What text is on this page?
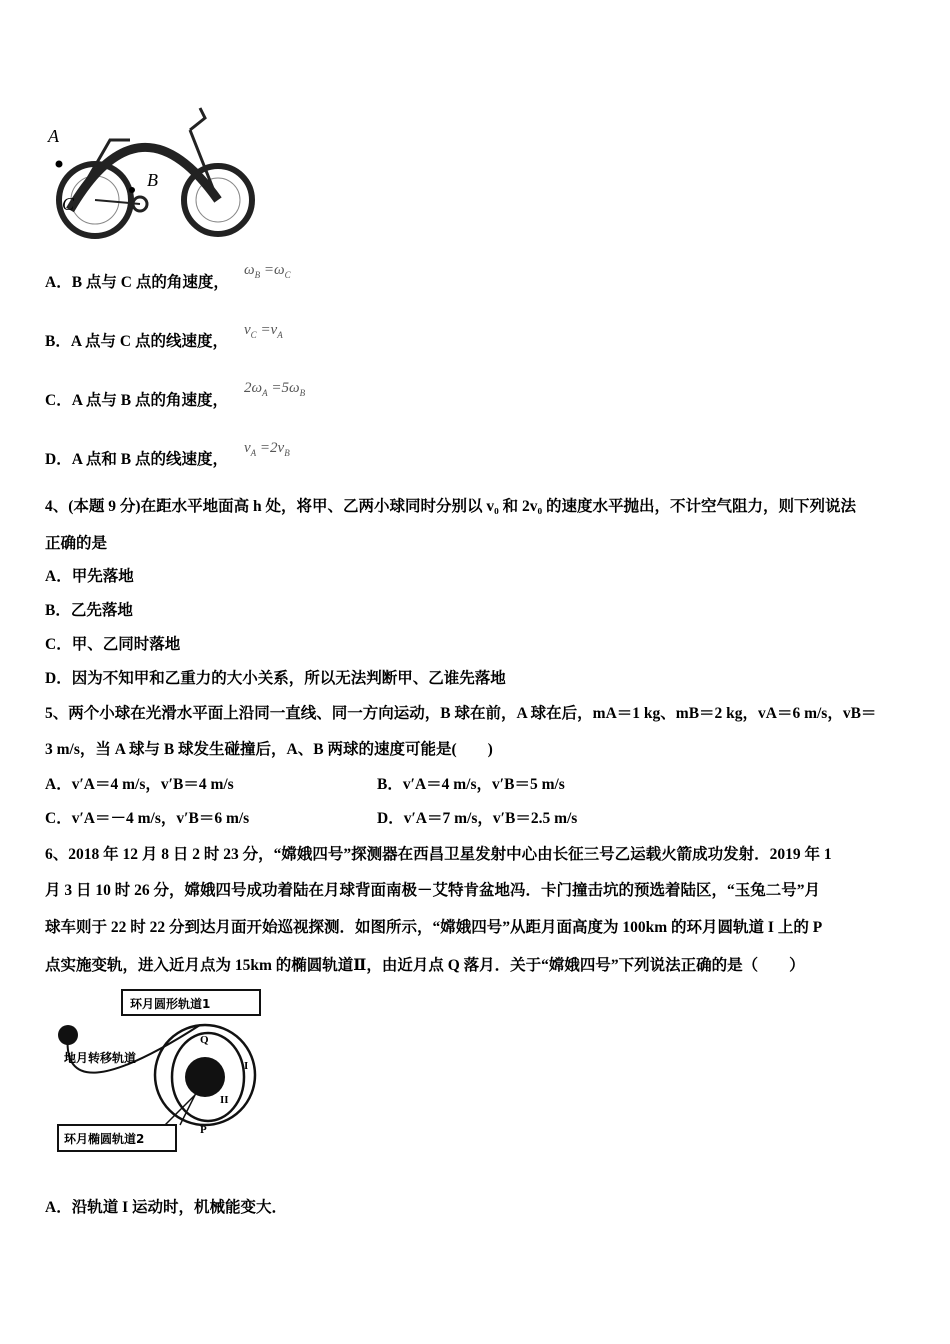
A
B
C
A．B 点与 C 点的角速度，
$\omega_B =\omega_C$
B．A 点与 C 点的线速度，
$v_C =v_A$
C．A 点与 B 点的角速度，
$2\omega_A =5\omega_B$
D．A 点和 B 点的线速度，
$v_A =2v_B$
4、(本题 9 分)在距水平地面高 h 处，将甲、乙两小球同时分别以 v₀ 和 2v₀ 的速度水平抛出，不计空气阻力，则下列说法
正确的是
A．甲先落地
B．乙先落地
C．甲、乙同时落地
D．因为不知甲和乙重力的大小关系，所以无法判断甲、乙谁先落地
5、两个小球在光滑水平面上沿同一直线、同一方向运动，B 球在前，A 球在后，mA＝1 kg、mB＝2 kg，vA＝6 m/s，vB＝
3 m/s，当 A 球与 B 球发生碰撞后，A、B 两球的速度可能是(　　)
A．v′A＝4 m/s，v′B＝4 m/s	B．v′A＝4 m/s，v′B＝5 m/s
C．v′A＝－4 m/s，v′B＝6 m/s	D．v′A＝7 m/s，v′B＝2.5 m/s
6、2018 年 12 月 8 日 2 时 23 分，“嫦娥四号”探测器在西昌卫星发射中心由长征三号乙运载火箭成功发射．2019 年 1
月 3 日 10 时 26 分，嫦娥四号成功着陆在月球背面南极－艾特肯盆地冯．卡门撞击坑的预选着陆区，“玉兔二号”月
球车则于 22 时 22 分到达月面开始巡视探测．如图所示，“嫦娥四号”从距月面高度为 100km 的环月圆轨道 I 上的 P
点实施变轨，进入近月点为 15km 的椭圆轨道Ⅱ，由近月点 Q 落月．关于“嫦娥四号”下列说法正确的是（　　）
环月圆形轨道1
地月转移轨道
环月椭圆轨道2
Q
P
I
II
A．沿轨道 I 运动时，机械能变大．
